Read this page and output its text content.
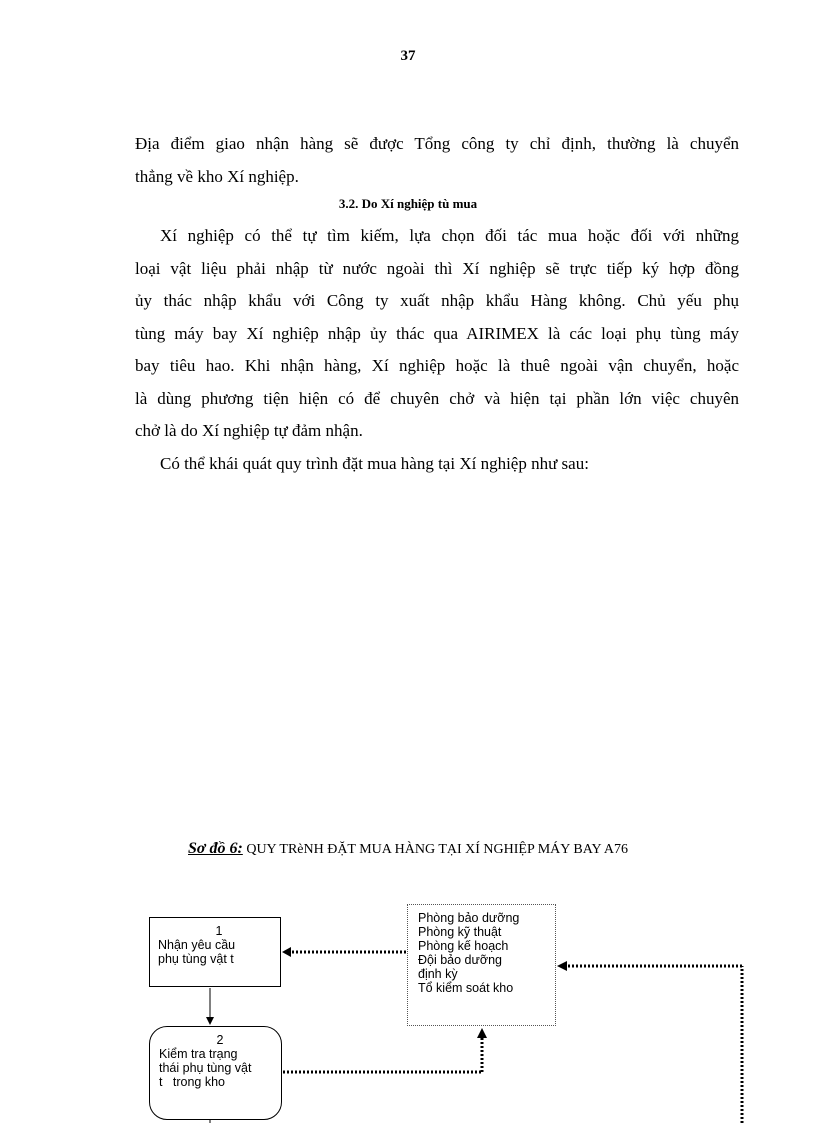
37

Địa điểm giao nhận hàng sẽ được Tổng công ty chỉ định, thường là chuyển
thẳng về kho Xí nghiệp.

3.2. Do Xí nghiệp tù mua

Xí nghiệp có thể tự tìm kiếm, lựa chọn đối tác mua hoặc đối với những
loại vật liệu phải nhập từ nước ngoài thì Xí nghiệp sẽ trực tiếp ký hợp đồng
ủy thác nhập khẩu với Công ty xuất nhập khẩu Hàng không. Chủ yếu phụ
tùng máy bay Xí nghiệp nhập ủy thác qua AIRIMEX là các loại phụ tùng máy
bay tiêu hao. Khi nhận hàng, Xí nghiệp hoặc là thuê ngoài vận chuyển, hoặc
là dùng phương tiện hiện có để chuyên chở và hiện tại phần lớn việc chuyên
chở là do Xí nghiệp tự đảm nhận.
Có thể khái quát quy trình đặt mua hàng tại Xí nghiệp như sau:

Sơ đồ 6: QUY TRèNH ĐẶT MUA HÀNG TẠI XÍ NGHIỆP MÁY BAY A76
1
Nhận yêu cầu
phụ tùng vật t
2
Kiểm tra trạng
thái phụ tùng vật
t   trong kho
Phòng bảo dưỡng
Phòng kỹ thuật
Phòng kế hoạch
Đội bảo dưỡng
định kỳ
Tổ kiểm soát kho
